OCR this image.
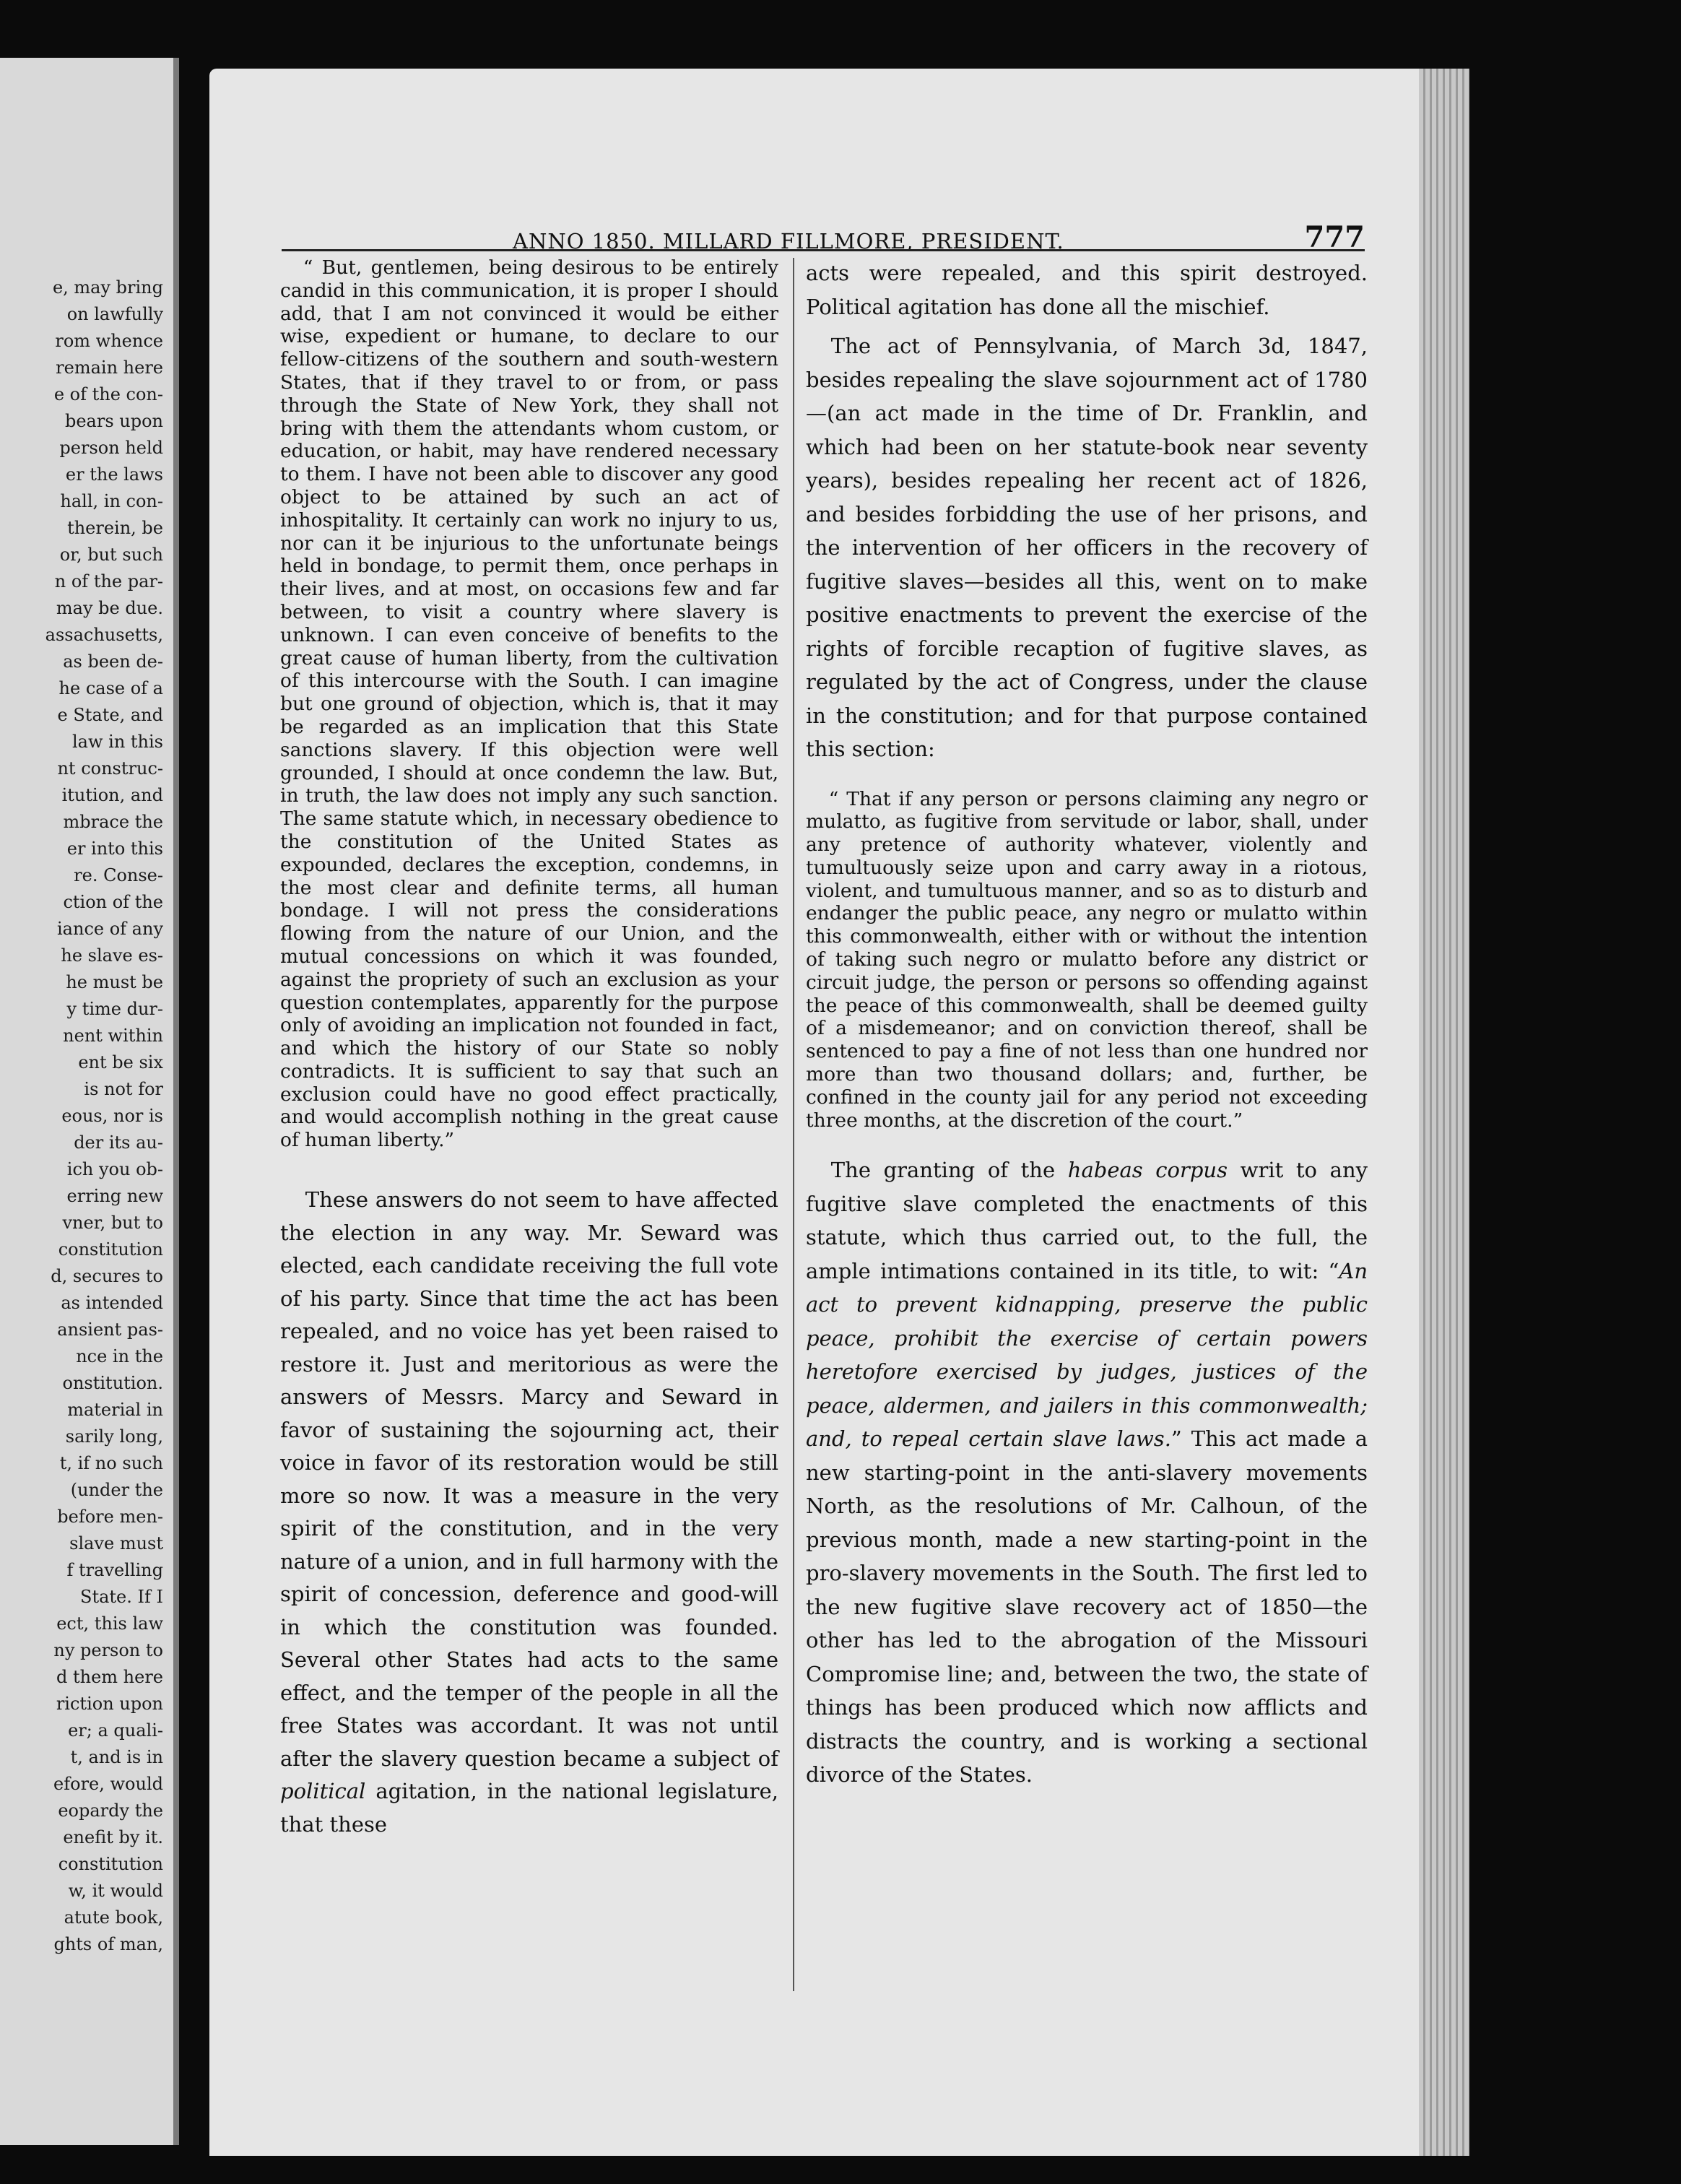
e, may bring
on lawfully
rom whence
remain here
e of the con-
bears upon
person held
er the laws
hall, in con-
therein, be
or, but such
n of the par-
may be due.
assachusetts,
as been de-
he case of a
e State, and
law in this
nt construc-
itution, and
mbrace the
er into this
re. Conse-
ction of the
iance of any
he slave es-
he must be
y time dur-
nent within
ent be six
is not for
eous, nor is
der its au-
ich you ob-
erring new
vner, but to
constitution
d, secures to
as intended
ansient pas-
nce in the
onstitution.
material in
sarily long,
t, if no such
(under the
before men-
slave must
f travelling
State. If I
ect, this law
ny person to
d them here
riction upon
er; a quali-
t, and is in
efore, would
eopardy the
enefit by it.
constitution
w, it would
atute book,
ghts of man,
ANNO 1850. MILLARD FILLMORE, PRESIDENT.	777

“ But, gentlemen, being desirous to be entirely candid in this communication, it is proper I should add, that I am not convinced it would be either wise, expedient or humane, to declare to our fellow-citizens of the southern and south-western States, that if they travel to or from, or pass through the State of New York, they shall not bring with them the attendants whom custom, or education, or habit, may have rendered necessary to them. I have not been able to discover any good object to be attained by such an act of inhospitality. It certainly can work no injury to us, nor can it be injurious to the unfortunate beings held in bondage, to permit them, once perhaps in their lives, and at most, on occasions few and far between, to visit a country where slavery is unknown. I can even conceive of benefits to the great cause of human liberty, from the cultivation of this intercourse with the South. I can imagine but one ground of objection, which is, that it may be regarded as an implication that this State sanctions slavery. If this objection were well grounded, I should at once condemn the law. But, in truth, the law does not imply any such sanction. The same statute which, in necessary obedience to the constitution of the United States as expounded, declares the exception, condemns, in the most clear and definite terms, all human bondage. I will not press the considerations flowing from the nature of our Union, and the mutual concessions on which it was founded, against the propriety of such an exclusion as your question contemplates, apparently for the purpose only of avoiding an implication not founded in fact, and which the history of our State so nobly contradicts. It is sufficient to say that such an exclusion could have no good effect practically, and would accomplish nothing in the great cause of human liberty.”

These answers do not seem to have affected the election in any way. Mr. Seward was elected, each candidate receiving the full vote of his party. Since that time the act has been repealed, and no voice has yet been raised to restore it. Just and meritorious as were the answers of Messrs. Marcy and Seward in favor of sustaining the sojourning act, their voice in favor of its restoration would be still more so now. It was a measure in the very spirit of the constitution, and in the very nature of a union, and in full harmony with the spirit of concession, deference and good-will in which the constitution was founded. Several other States had acts to the same effect, and the temper of the people in all the free States was accordant. It was not until after the slavery question became a subject of political agitation, in the national legislature, that these

acts were repealed, and this spirit destroyed. Political agitation has done all the mischief.

The act of Pennsylvania, of March 3d, 1847, besides repealing the slave sojournment act of 1780—(an act made in the time of Dr. Franklin, and which had been on her statute-book near seventy years), besides repealing her recent act of 1826, and besides forbidding the use of her prisons, and the intervention of her officers in the recovery of fugitive slaves—besides all this, went on to make positive enactments to prevent the exercise of the rights of forcible recaption of fugitive slaves, as regulated by the act of Congress, under the clause in the constitution; and for that purpose contained this section:

“ That if any person or persons claiming any negro or mulatto, as fugitive from servitude or labor, shall, under any pretence of authority whatever, violently and tumultuously seize upon and carry away in a riotous, violent, and tumultuous manner, and so as to disturb and endanger the public peace, any negro or mulatto within this commonwealth, either with or without the intention of taking such negro or mulatto before any district or circuit judge, the person or persons so offending against the peace of this commonwealth, shall be deemed guilty of a misdemeanor; and on conviction thereof, shall be sentenced to pay a fine of not less than one hundred nor more than two thousand dollars; and, further, be confined in the county jail for any period not exceeding three months, at the discretion of the court.”

The granting of the habeas corpus writ to any fugitive slave completed the enactments of this statute, which thus carried out, to the full, the ample intimations contained in its title, to wit: “An act to prevent kidnapping, preserve the public peace, prohibit the exercise of certain powers heretofore exercised by judges, justices of the peace, aldermen, and jailers in this commonwealth; and, to repeal certain slave laws.” This act made a new starting-point in the anti-slavery movements North, as the resolutions of Mr. Calhoun, of the previous month, made a new starting-point in the pro-slavery movements in the South. The first led to the new fugitive slave recovery act of 1850—the other has led to the abrogation of the Missouri Compromise line; and, between the two, the state of things has been produced which now afflicts and distracts the country, and is working a sectional divorce of the States.
